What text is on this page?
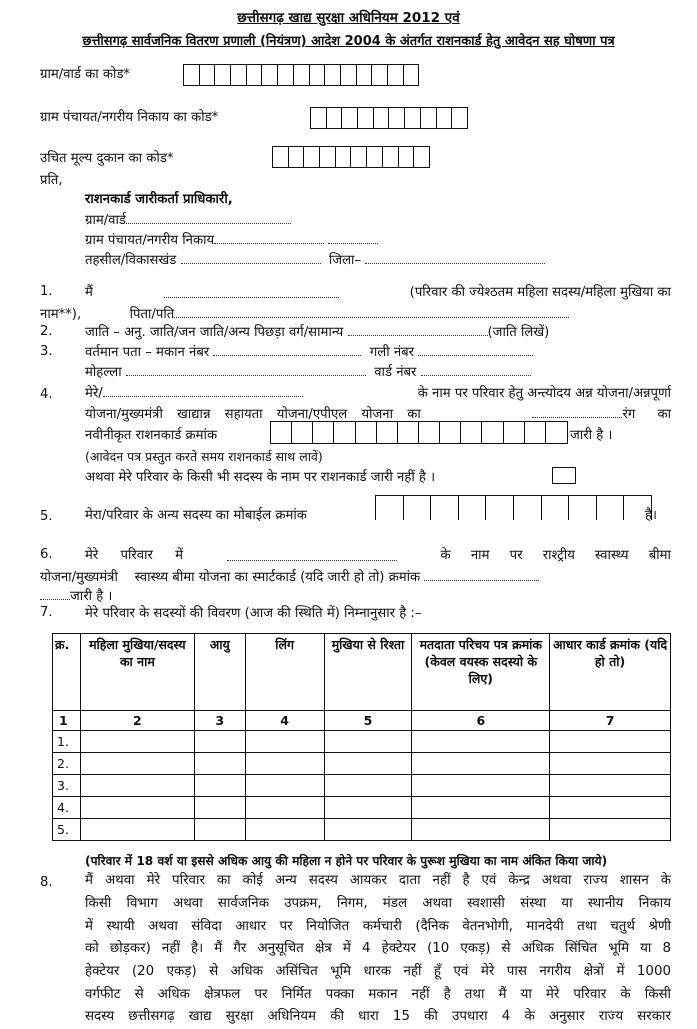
छत्तीसगढ़ खाद्य सुरक्षा अधिनियम 2012 एवं
छत्तीसगढ़ सार्वजनिक वितरण प्रणाली (नियंत्रण) आदेश 2004 के अंतर्गत राशनकार्ड हेतु आवेदन सह घोषणा पत्र
ग्राम/वार्ड का कोड*
ग्राम पंचायत/नगरीय निकाय का कोड*
उचित मूल्य दुकान का कोड*
प्रति,
राशनकार्ड जारीकर्ता प्राधिकारी,
ग्राम/वार्ड
ग्राम पंचायत/नगरीय निकाय
तहसील/विकासखंड	जिला–
1. मैं	(परिवार की ज्येश्ठतम महिला सदस्य/महिला मुखिया का
नाम**),	पिता/पति
2. जाति – अनु. जाति/जन जाति/अन्य पिछड़ा वर्ग/सामान्य	(जाति लिखें)
3. वर्तमान पता – मकान नंबर	गली नंबर
मोहल्ला	वार्ड नंबर
4. मेरे/	के नाम पर परिवार हेतु अन्त्योदय अन्न योजना/अन्नपूर्णा
योजना/मुख्यमंत्री खाद्यान्न सहायता योजना/एपीएल योजना का	रंग का
नवीनीकृत राशनकार्ड क्रमांक	जारी है ।
(आवेदन पत्र प्रस्तुत करते समय राशनकार्ड साथ लावें)
अथवा मेरे परिवार के किसी भी सदस्य के नाम पर राशनकार्ड जारी नहीं है ।
5. मेरा/परिवार के अन्य सदस्य का मोबाईल क्रमांक	है।
6. मेरे परिवार में	के नाम पर राश्ट्रीय स्वास्थ्य बीमा
योजना/मुख्यमंत्री    स्वास्थ्य बीमा योजना का स्मार्टकार्ड (यदि जारी हो तो) क्रमांक
जारी है ।
7. मेरे परिवार के सदस्यों की विवरण (आज की स्थिति में) निम्नानुसार है :–
क्र.	महिला मुखिया/सदस्य का नाम	आयु	लिंग	मुखिया से रिश्ता	मतदाता परिचय पत्र क्रमांक (केवल वयस्क सदस्यो के लिए)	आधार कार्ड क्रमांक (यदि हो तो)
1	2	3	4	5	6	7
1.						
2.						
3.						
4.						
5.						
(परिवार में 18 वर्श या इससे अधिक आयु की महिला न होने पर परिवार के पुरूश मुखिया का नाम अंकित किया जाये)
8. मैं अथवा मेरे परिवार का कोई अन्य सदस्य आयकर दाता नहीं है एवं केन्द्र अथवा राज्य शासन के
किसी विभाग अथवा सार्वजनिक उपक्रम, निगम, मंडल अथवा स्वशासी संस्था या स्थानीय निकाय
में स्थायी अथवा संविदा आधार पर नियोजित कर्मचारी (दैनिक वेतनभोगी, मानदेयी तथा चतुर्थ श्रेणी
को छोड़कर) नहीं है। मैं गैर अनुसूचित क्षेत्र में 4 हेक्टेयर (10 एकड़) से अधिक सिंचित भूमि या 8
हेक्टेयर (20 एकड़) से अधिक असिंचित भूमि धारक नहीं हूँ एवं मेरे पास नगरीय क्षेत्रों में 1000
वर्गफीट से अधिक क्षेत्रफल पर निर्मित पक्का मकान नहीं है तथा मैं या मेरे परिवार के किसी
सदस्य छत्तीसगढ़ खाद्य सुरक्षा अधिनियम की धारा 15 की उपधारा 4 के अनुसार राज्य सरकार
